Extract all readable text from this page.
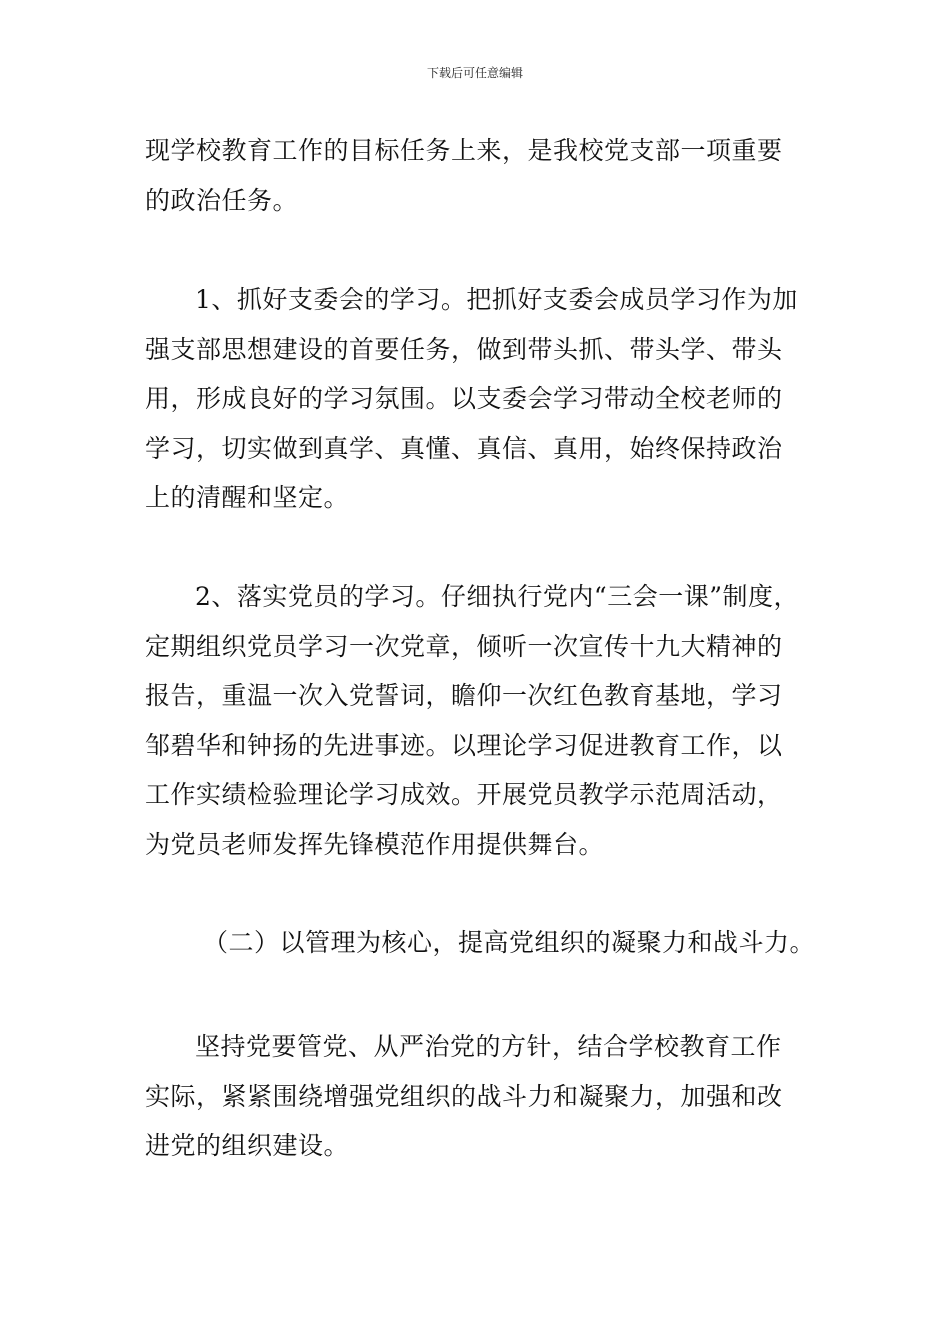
下载后可任意编辑
现学校教育工作的目标任务上来，是我校党支部一项重要
的政治任务。
1、抓好支委会的学习。把抓好支委会成员学习作为加
强支部思想建设的首要任务，做到带头抓、带头学、带头
用，形成良好的学习氛围。以支委会学习带动全校老师的
学习，切实做到真学、真懂、真信、真用，始终保持政治
上的清醒和坚定。
2、落实党员的学习。仔细执行党内“三会一课”制度，
定期组织党员学习一次党章，倾听一次宣传十九大精神的
报告，重温一次入党誓词，瞻仰一次红色教育基地，学习
邹碧华和钟扬的先进事迹。以理论学习促进教育工作，以
工作实绩检验理论学习成效。开展党员教学示范周活动，
为党员老师发挥先锋模范作用提供舞台。
（二）以管理为核心，提高党组织的凝聚力和战斗力。
坚持党要管党、从严治党的方针，结合学校教育工作
实际，紧紧围绕增强党组织的战斗力和凝聚力，加强和改
进党的组织建设。
